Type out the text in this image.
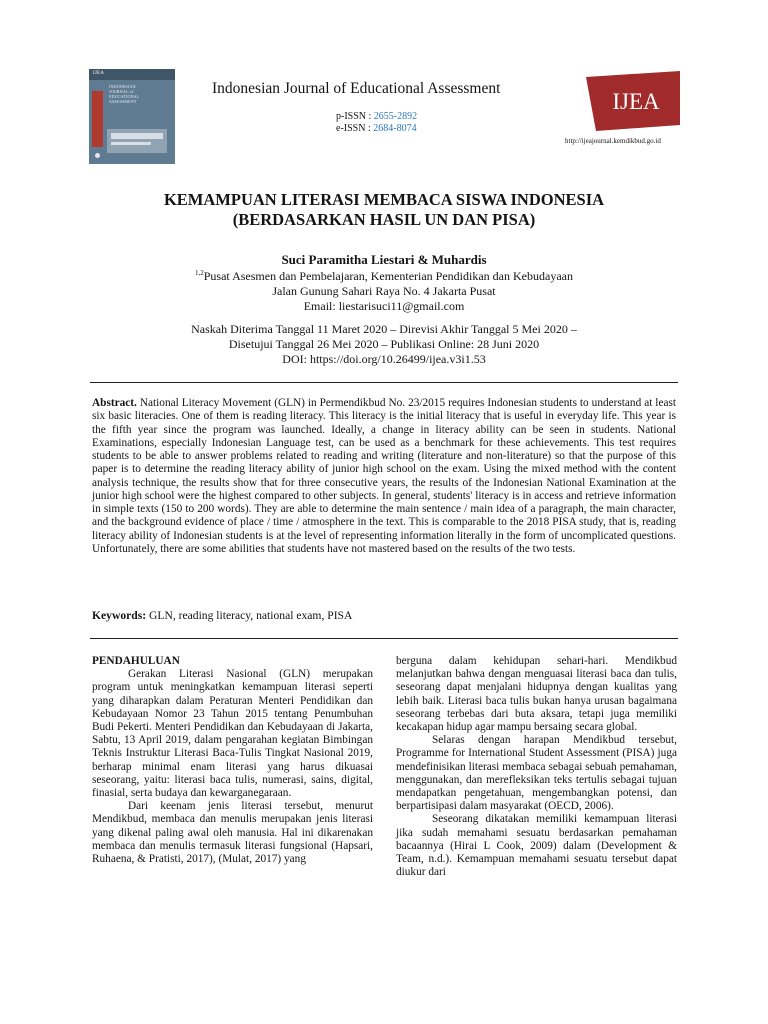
IJEA
INDONESIAN
JOURNAL of
EDUCATIONAL
ASSESSMENT
Indonesian Journal of Educational Assessment
p-ISSN : 2655-2892
e-ISSN : 2684-8074
IJEA
http://ijeajournal.kemdikbud.go.id
KEMAMPUAN LITERASI MEMBACA SISWA INDONESIA
(BERDASARKAN HASIL UN DAN PISA)
Suci Paramitha Liestari & Muhardis
$^{1,2}$Pusat Asesmen dan Pembelajaran, Kementerian Pendidikan dan Kebudayaan
Jalan Gunung Sahari Raya No. 4 Jakarta Pusat
Email: liestarisuci11@gmail.com
Naskah Diterima Tanggal 11 Maret 2020 – Direvisi Akhir Tanggal 5 Mei 2020 –
Disetujui Tanggal 26 Mei 2020 – Publikasi Online: 28 Juni 2020
DOI: https://doi.org/10.26499/ijea.v3i1.53
Abstract. National Literacy Movement (GLN) in Permendikbud No. 23/2015 requires Indonesian students to understand at least six basic literacies. One of them is reading literacy. This literacy is the initial literacy that is useful in everyday life. This year is the fifth year since the program was launched. Ideally, a change in literacy ability can be seen in students. National Examinations, especially Indonesian Language test, can be used as a benchmark for these achievements. This test requires students to be able to answer problems related to reading and writing (literature and non-literature) so that the purpose of this paper is to determine the reading literacy ability of junior high school on the exam. Using the mixed method with the content analysis technique, the results show that for three consecutive years, the results of the Indonesian National Examination at the junior high school were the highest compared to other subjects. In general, students' literacy is in access and retrieve information in simple texts (150 to 200 words). They are able to determine the main sentence / main idea of a paragraph, the main character, and the background evidence of place / time / atmosphere in the text. This is comparable to the 2018 PISA study, that is, reading literacy ability of Indonesian students is at the level of representing information literally in the form of uncomplicated questions. Unfortunately, there are some abilities that students have not mastered based on the results of the two tests.
Keywords: GLN, reading literacy, national exam, PISA

PENDAHULUAN

Gerakan Literasi Nasional (GLN) merupakan program untuk meningkatkan kemampuan literasi seperti yang diharapkan dalam Peraturan Menteri Pendidikan dan Kebudayaan Nomor 23 Tahun 2015 tentang Penumbuhan Budi Pekerti. Menteri Pendidikan dan Kebudayaan di Jakarta, Sabtu, 13 April 2019, dalam pengarahan kegiatan Bimbingan Teknis Instruktur Literasi Baca-Tulis Tingkat Nasional 2019, berharap minimal enam literasi yang harus dikuasai seseorang, yaitu: literasi baca tulis, numerasi, sains, digital, finasial, serta budaya dan kewarganegaraan.

Dari keenam jenis literasi tersebut, menurut Mendikbud, membaca dan menulis merupakan jenis literasi yang dikenal paling awal oleh manusia. Hal ini dikarenakan membaca dan menulis termasuk literasi fungsional (Hapsari, Ruhaena, & Pratisti, 2017), (Mulat, 2017) yang

berguna dalam kehidupan sehari-hari. Mendikbud melanjutkan bahwa dengan menguasai literasi baca dan tulis, seseorang dapat menjalani hidupnya dengan kualitas yang lebih baik. Literasi baca tulis bukan hanya urusan bagaimana seseorang terbebas dari buta aksara, tetapi juga memiliki kecakapan hidup agar mampu bersaing secara global.

Selaras dengan harapan Mendikbud tersebut, Programme for International Student Assessment (PISA) juga mendefinisikan literasi membaca sebagai sebuah pemahaman, menggunakan, dan merefleksikan teks tertulis sebagai tujuan mendapatkan pengetahuan, mengembangkan potensi, dan berpartisipasi dalam masyarakat (OECD, 2006).

Seseorang dikatakan memiliki kemampuan literasi jika sudah memahami sesuatu berdasarkan pemahaman bacaannya (Hirai L Cook, 2009) dalam (Development & Team, n.d.). Kemampuan memahami sesuatu tersebut dapat diukur dari
